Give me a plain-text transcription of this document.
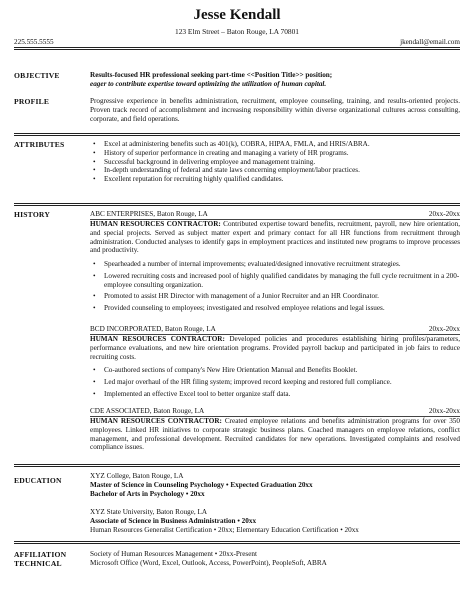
Jesse Kendall
123 Elm Street – Baton Rouge, LA 70801
225.555.5555	jkendall@email.com
OBJECTIVE	Results-focused HR professional seeking part-time <<Position Title>> position;
eager to contribute expertise toward optimizing the utilization of human capital.
PROFILE	Progressive experience in benefits administration, recruitment, employee counseling, training, and results-oriented projects. Proven track record of accomplishment and increasing responsibility within diverse organizational cultures across consulting, corporate, and field operations.
ATTRIBUTES
•	Excel at administering benefits such as 401(k), COBRA, HIPAA, FMLA, and HRIS/ABRA.
• History of superior performance in creating and managing a variety of HR programs.
• Successful background in delivering employee and management training.
• In-depth understanding of federal and state laws concerning employment/labor practices.
• Excellent reputation for recruiting highly qualified candidates.
HISTORY	ABC ENTERPRISES, Baton Rouge, LA	20xx-20xx
HUMAN RESOURCES CONTRACTOR: Contributed expertise toward benefits, recruitment, payroll, new hire orientation, and special projects. Served as subject matter expert and primary contact for all HR functions from recruitment through administration. Conducted analyses to identify gaps in employment practices and instituted new programs to improve processes and productivity.
• Spearheaded a number of internal improvements; evaluated/designed innovative recruitment strategies.
• Lowered recruiting costs and increased pool of highly qualified candidates by managing the full cycle recruitment in a 200-employee consulting organization.
• Promoted to assist HR Director with management of a Junior Recruiter and an HR Coordinator.
• Provided counseling to employees; investigated and resolved employee relations and legal issues.
BCD INCORPORATED, Baton Rouge, LA	20xx-20xx
HUMAN RESOURCES CONTRACTOR: Developed policies and procedures establishing hiring profiles/parameters, performance evaluations, and new hire orientation programs. Provided payroll backup and participated in job fairs to reduce recruiting costs.
• Co-authored sections of company's New Hire Orientation Manual and Benefits Booklet.
• Led major overhaul of the HR filing system; improved record keeping and restored full compliance.
• Implemented an effective Excel tool to better organize staff data.
CDE ASSOCIATED, Baton Rouge, LA	20xx-20xx
HUMAN RESOURCES CONTRACTOR: Created employee relations and benefits administration programs for over 350 employees. Linked HR initiatives to corporate strategic business plans. Coached managers on employee relations, conflict management, and professional development. Recruited candidates for new operations. Investigated complaints and resolved compliance issues.
EDUCATION	XYZ College, Baton Rouge, LA
Master of Science in Counseling Psychology • Expected Graduation 20xx
Bachelor of Arts in Psychology • 20xx
XYZ State University, Baton Rouge, LA
Associate of Science in Business Administration • 20xx
Human Resources Generalist Certification • 20xx; Elementary Education Certification • 20xx
AFFILIATION	Society of Human Resources Management • 20xx-Present
TECHNICAL	Microsoft Office (Word, Excel, Outlook, Access, PowerPoint), PeopleSoft, ABRA
